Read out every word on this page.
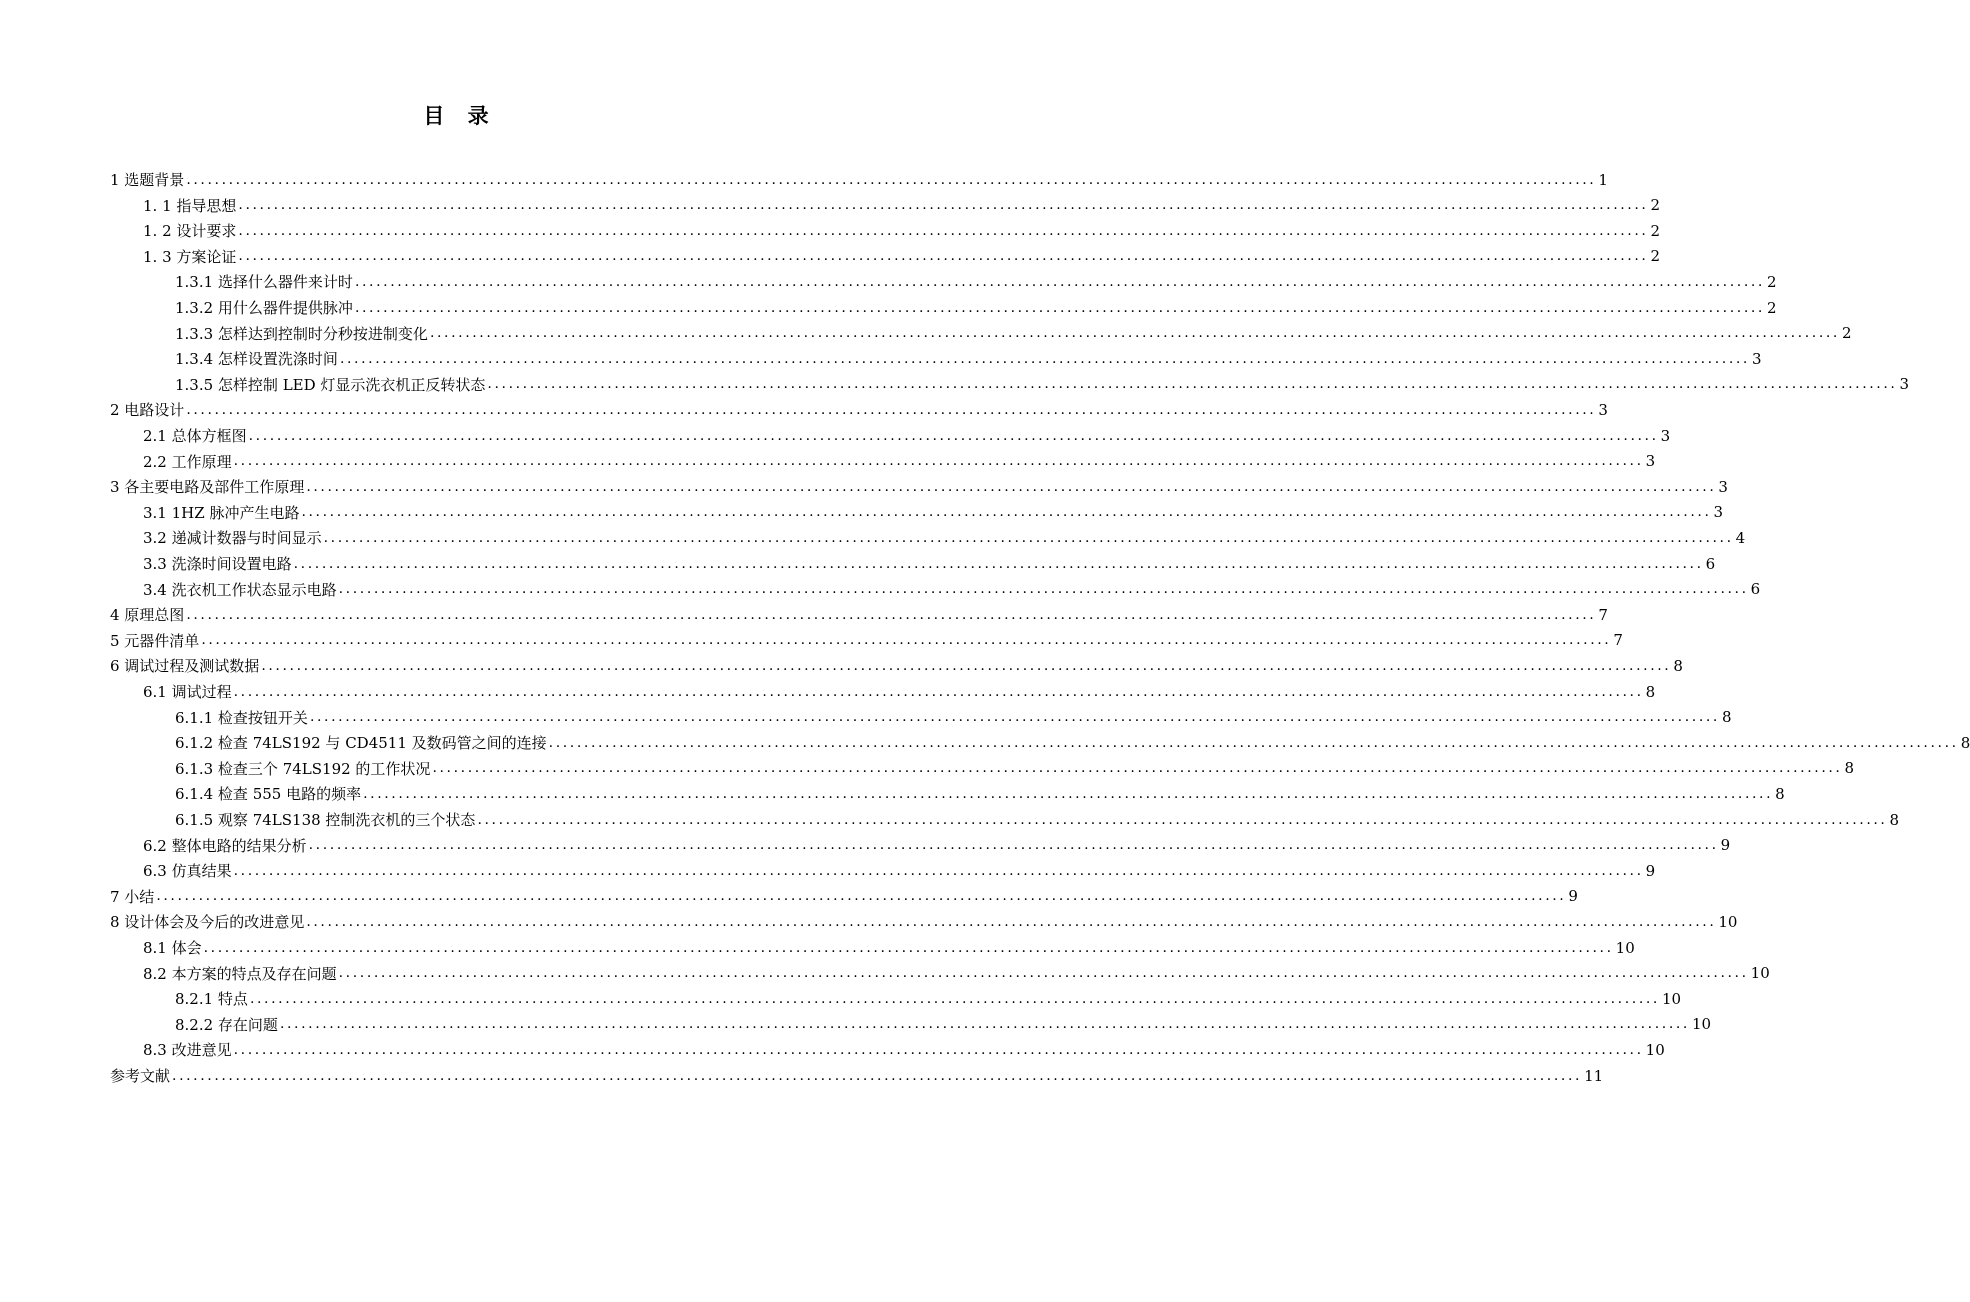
目 录
1 选题背景 ........................................................................................................................................................................................................ 1
1. 1 指导思想 ........................................................................................................................................................................................................ 2
1. 2 设计要求 ........................................................................................................................................................................................................ 2
1. 3 方案论证 ........................................................................................................................................................................................................ 2
1.3.1 选择什么器件来计时 ........................................................................................................................................................................................................ 2
1.3.2 用什么器件提供脉冲 ........................................................................................................................................................................................................ 2
1.3.3 怎样达到控制时分秒按进制变化 ........................................................................................................................................................................................................ 2
1.3.4 怎样设置洗涤时间 ........................................................................................................................................................................................................ 3
1.3.5 怎样控制 LED 灯显示洗衣机正反转状态 ........................................................................................................................................................................................................ 3
2 电路设计 ........................................................................................................................................................................................................ 3
2.1 总体方框图 ........................................................................................................................................................................................................ 3
2.2 工作原理 ........................................................................................................................................................................................................ 3
3 各主要电路及部件工作原理 ........................................................................................................................................................................................................ 3
3.1 1HZ 脉冲产生电路 ........................................................................................................................................................................................................ 3
3.2 递减计数器与时间显示 ........................................................................................................................................................................................................ 4
3.3 洗涤时间设置电路 ........................................................................................................................................................................................................ 6
3.4 洗衣机工作状态显示电路 ........................................................................................................................................................................................................ 6
4 原理总图 ........................................................................................................................................................................................................ 7
5 元器件清单 ........................................................................................................................................................................................................ 7
6 调试过程及测试数据 ........................................................................................................................................................................................................ 8
6.1 调试过程 ........................................................................................................................................................................................................ 8
6.1.1 检查按钮开关 ........................................................................................................................................................................................................ 8
6.1.2 检查 74LS192 与 CD4511 及数码管之间的连接 ........................................................................................................................................................................................................ 8
6.1.3 检查三个 74LS192 的工作状况 ........................................................................................................................................................................................................ 8
6.1.4 检查 555 电路的频率 ........................................................................................................................................................................................................ 8
6.1.5 观察 74LS138 控制洗衣机的三个状态 ........................................................................................................................................................................................................ 8
6.2 整体电路的结果分析 ........................................................................................................................................................................................................ 9
6.3 仿真结果 ........................................................................................................................................................................................................ 9
7 小结 ........................................................................................................................................................................................................ 9
8 设计体会及今后的改进意见 ........................................................................................................................................................................................................ 10
8.1 体会 ........................................................................................................................................................................................................ 10
8.2 本方案的特点及存在问题 ........................................................................................................................................................................................................ 10
8.2.1 特点 ........................................................................................................................................................................................................ 10
8.2.2 存在问题 ........................................................................................................................................................................................................ 10
8.3 改进意见 ........................................................................................................................................................................................................ 10
参考文献 ........................................................................................................................................................................................................ 11
